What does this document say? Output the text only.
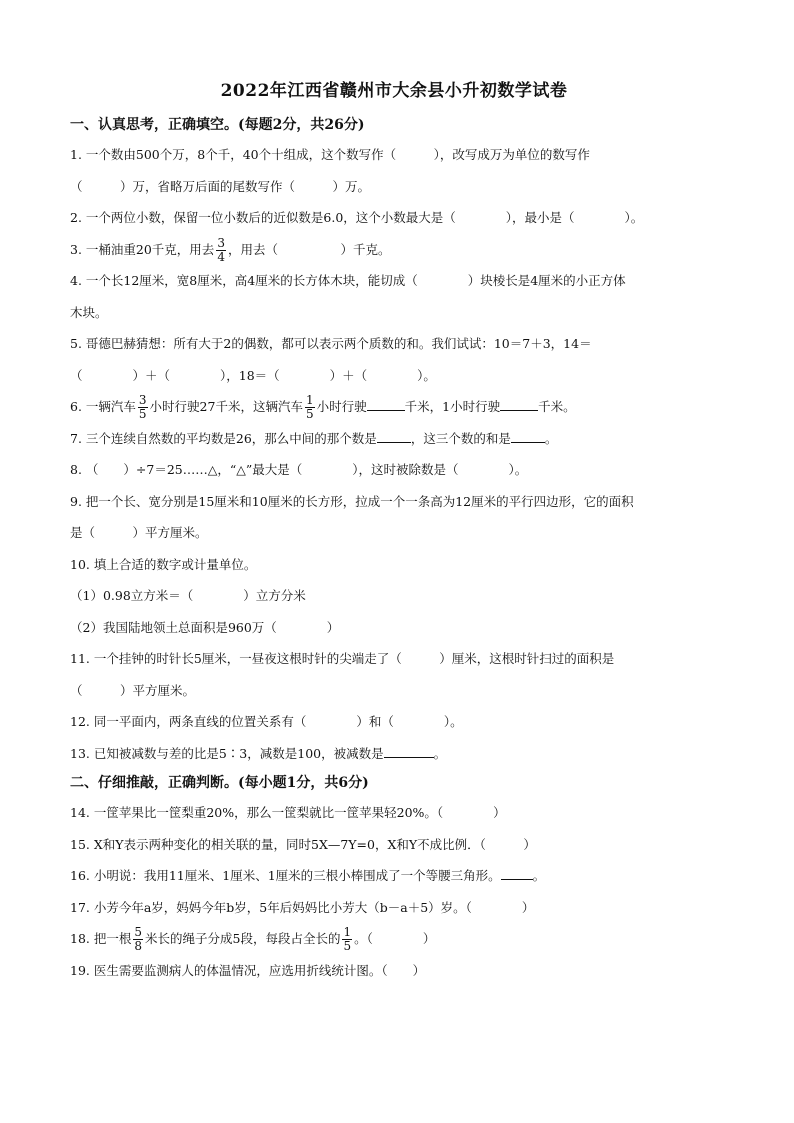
2022年江西省赣州市大余县小升初数学试卷
一、认真思考，正确填空。(每题2分，共26分)
1. 一个数由500个万，8个千，40个十组成，这个数写作（　　　），改写成万为单位的数写作
（　　　）万，省略万后面的尾数写作（　　　）万。
2. 一个两位小数，保留一位小数后的近似数是6.0，这个小数最大是（　　　　），最小是（　　　　）。
3. 一桶油重20千克，用去 $\frac{3}{4}$ ，用去（　　　　　）千克。
4. 一个长12厘米，宽8厘米，高4厘米的长方体木块，能切成（　　　　）块棱长是4厘米的小正方体
木块。
5. 哥德巴赫猜想：所有大于2的偶数，都可以表示两个质数的和。我们试试：10＝7＋3，14＝
（　　　　）＋（　　　　），18＝（　　　　）＋（　　　　）。
6. 一辆汽车 $\frac{3}{5}$ 小时行驶27千米，这辆汽车 $\frac{1}{5}$ 小时行驶	千米，1小时行驶	千米。
7. 三个连续自然数的平均数是26，那么中间的那个数是	，这三个数的和是	。
8. （　　）÷7＝25……△，“△”最大是（　　　　），这时被除数是（　　　　）。
9. 把一个长、宽分别是15厘米和10厘米的长方形，拉成一个一条高为12厘米的平行四边形，它的面积
是（　　　）平方厘米。
10. 填上合适的数字或计量单位。
（1）0.98立方米＝（　　　　）立方分米
（2）我国陆地领土总面积是960万（　　　　）
11. 一个挂钟的时针长5厘米，一昼夜这根时针的尖端走了（　　　）厘米，这根时针扫过的面积是
（　　　）平方厘米。
12. 同一平面内，两条直线的位置关系有（　　　　）和（　　　　）。
13. 已知被减数与差的比是5∶3，减数是100，被减数是	。
二、仔细推敲，正确判断。(每小题1分，共6分)
14. 一筐苹果比一筐梨重20%，那么一筐梨就比一筐苹果轻20%。（　　　　）
15. X和Y表示两种变化的相关联的量，同时5X—7Y=0，X和Y不成比例．（　　　）
16. 小明说：我用11厘米、1厘米、1厘米的三根小棒围成了一个等腰三角形。	。
17. 小芳今年a岁，妈妈今年b岁，5年后妈妈比小芳大（b－a＋5）岁。（　　　　）
18. 把一根 $\frac{5}{8}$ 米长的绳子分成5段，每段占全长的 $\frac{1}{5}$ 。（　　　　）
19. 医生需要监测病人的体温情况，应选用折线统计图。（　　）
